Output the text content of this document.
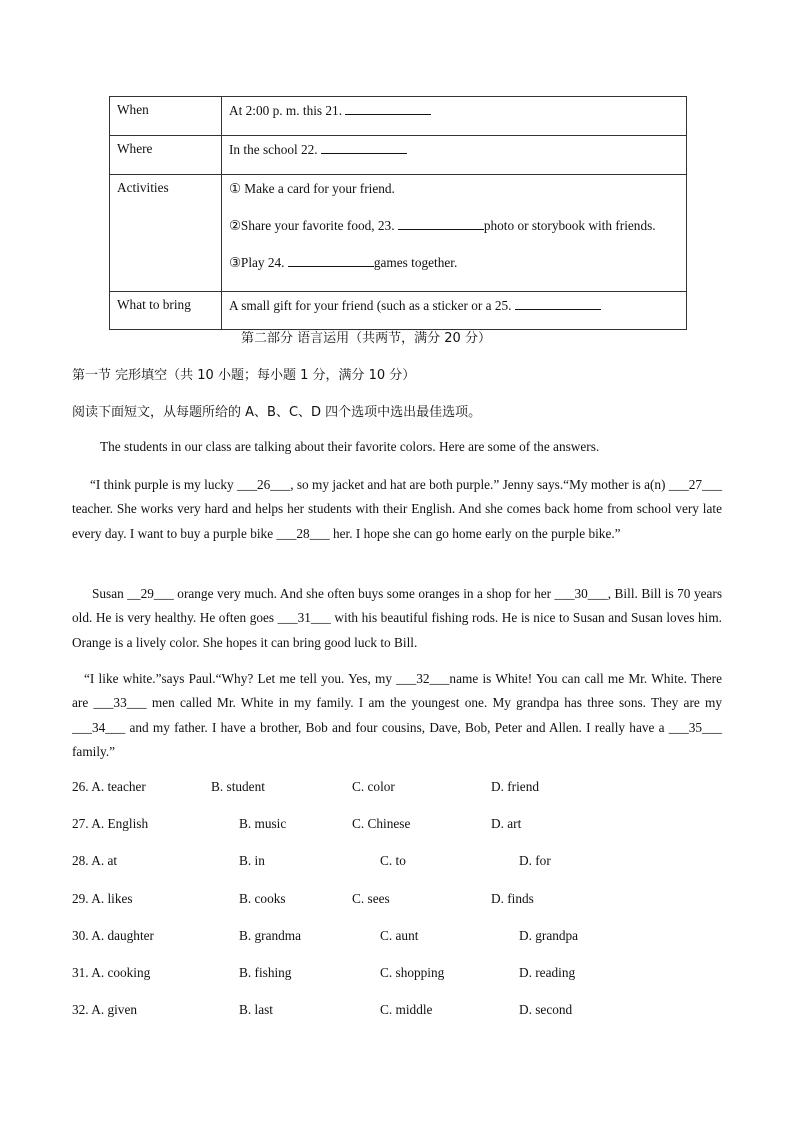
When	At 2:00 p. m. this 21.
Where	In the school 22.
Activities	① Make a card for your friend.
②Share your favorite food, 23. photo or storybook with friends.
③Play 24. games together.

What to bring	A small gift for your friend (such as a sticker or a 25.
第二部分 语言运用（共两节，满分 20 分）
第一节 完形填空（共 10 小题；每小题 1 分，满分 10 分）
阅读下面短文，从每题所给的 A、B、C、D 四个选项中选出最佳选项。
The students in our class are talking about their favorite colors. Here are some of the answers.
“I think purple is my lucky ___26___, so my jacket and hat are both purple.” Jenny says.“My mother is a(n) ___27___ teacher. She works very hard and helps her students with their English. And she comes back home from school very late every day. I want to buy a purple bike ___28___ her. I hope she can go home early on the purple bike.”
Susan __29___ orange very much. And she often buys some oranges in a shop for her ___30___, Bill. Bill is 70 years old. He is very healthy. He often goes ___31___ with his beautiful fishing rods. He is nice to Susan and Susan loves him. Orange is a lively color. She hopes it can bring good luck to Bill.
“I like white.”says Paul.“Why? Let me tell you. Yes, my ___32___name is White! You can call me Mr. White. There are ___33___ men called Mr. White in my family. I am the youngest one. My grandpa has three sons. They are my ___34___ and my father. I have a brother, Bob and four cousins, Dave, Bob, Peter and Allen. I really have a ___35___ family.”
26. A. teacher	B. student	C. color	D. friend
27. A. English	B. music	C. Chinese	D. art
28. A. at	B. in	C. to	D. for
29. A. likes	B. cooks	C. sees	D. finds
30. A. daughter	B. grandma	C. aunt	D. grandpa
31. A. cooking	B. fishing	C. shopping	D. reading
32. A. given	B. last	C. middle	D. second
